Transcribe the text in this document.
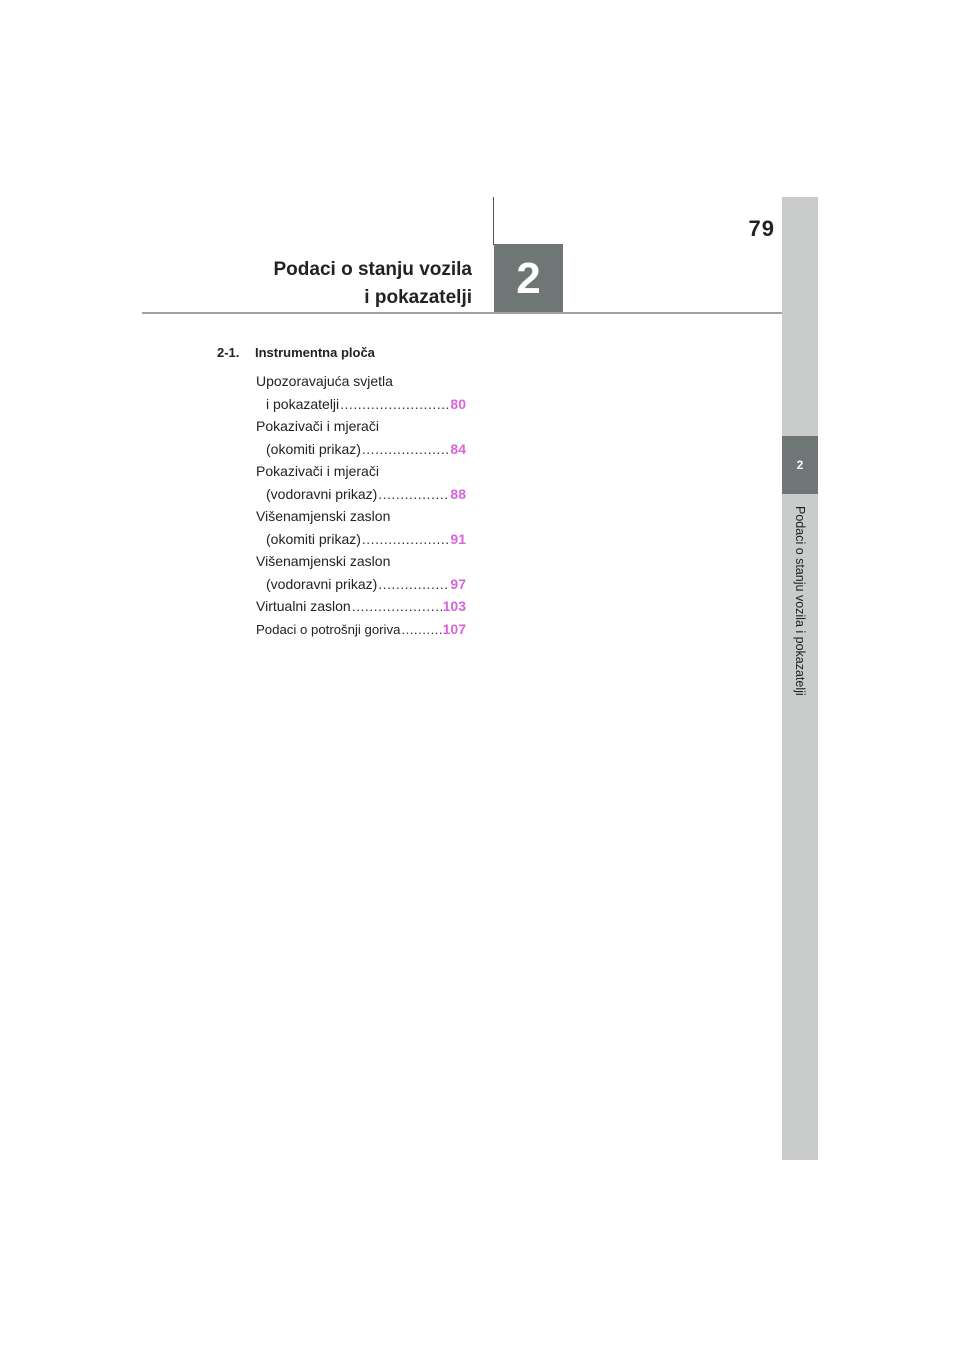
79
Podaci o stanju vozila
i pokazatelji	2
2
Podaci o stanju vozila i pokazatelji
2-1. Instrumentna ploča
Upozoravajuća svjetla
i pokazatelji .....	80
Pokazivači i mjerači
(okomiti prikaz) .....	84
Pokazivači i mjerači
(vodoravni prikaz) .....	88
Višenamjenski zaslon
(okomiti prikaz) .....	91
Višenamjenski zaslon
(vodoravni prikaz) .....	97
Virtualni zaslon .....	103
Podaci o potrošnji goriva .....	107
